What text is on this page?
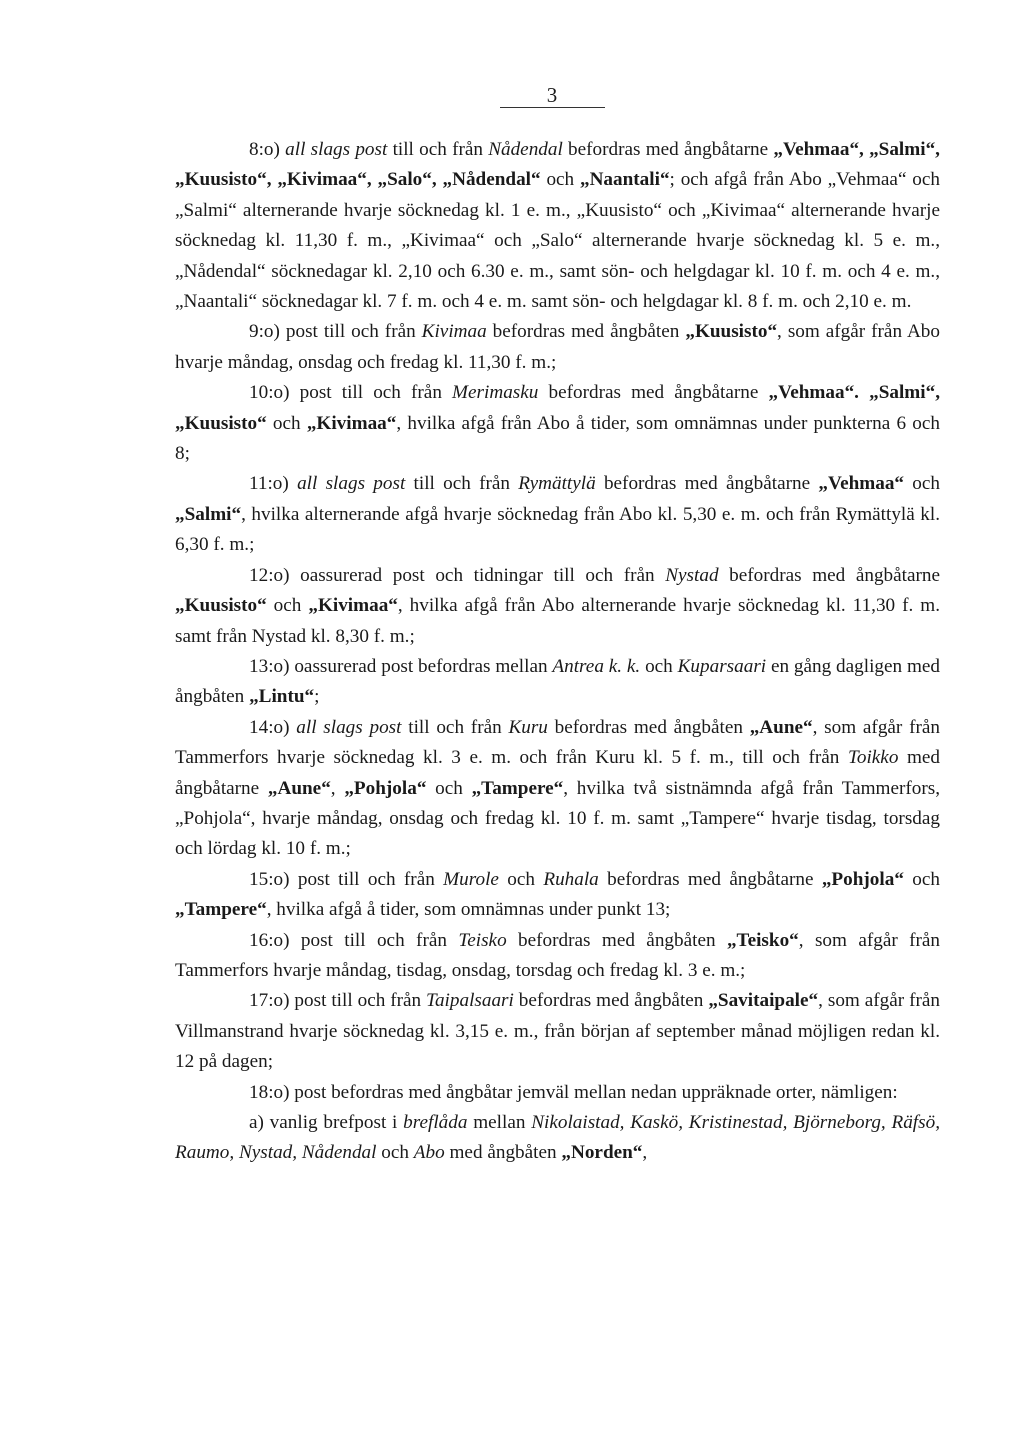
3

8:o) all slags post till och från Nådendal befordras med ångbåtarne „Vehmaa“, „Salmi“, „Kuusisto“, „Kivimaa“, „Salo“, „Nådendal“ och „Naantali“; och afgå från Abo „Vehmaa“ och „Salmi“ alternerande hvarje söcknedag kl. 1 e. m., „Kuusisto“ och „Kivimaa“ alternerande hvarje söcknedag kl. 11,30 f. m., „Kivimaa“ och „Salo“ alternerande hvarje söcknedag kl. 5 e. m., „Nådendal“ söcknedagar kl. 2,10 och 6.30 e. m., samt sön- och helgdagar kl. 10 f. m. och 4 e. m., „Naantali“ söcknedagar kl. 7 f. m. och 4 e. m. samt sön- och helgdagar kl. 8 f. m. och 2,10 e. m.

9:o) post till och från Kivimaa befordras med ångbåten „Kuusisto“, som afgår från Abo hvarje måndag, onsdag och fredag kl. 11,30 f. m.;

10:o) post till och från Merimasku befordras med ångbåtarne „Vehmaa“. „Salmi“, „Kuusisto“ och „Kivimaa“, hvilka afgå från Abo å tider, som omnämnas under punkterna 6 och 8;

11:o) all slags post till och från Rymättylä befordras med ångbåtarne „Vehmaa“ och „Salmi“, hvilka alternerande afgå hvarje söcknedag från Abo kl. 5,30 e. m. och från Rymättylä kl. 6,30 f. m.;

12:o) oassurerad post och tidningar till och från Nystad befordras med ångbåtarne „Kuusisto“ och „Kivimaa“, hvilka afgå från Abo alternerande hvarje söcknedag kl. 11,30 f. m. samt från Nystad kl. 8,30 f. m.;

13:o) oassurerad post befordras mellan Antrea k. k. och Kuparsaari en gång dagligen med ångbåten „Lintu“;

14:o) all slags post till och från Kuru befordras med ångbåten „Aune“, som afgår från Tammerfors hvarje söcknedag kl. 3 e. m. och från Kuru kl. 5 f. m., till och från Toikko med ångbåtarne „Aune“, „Pohjola“ och „Tampere“, hvilka två sistnämnda afgå från Tammerfors, „Pohjola“, hvarje måndag, onsdag och fredag kl. 10 f. m. samt „Tampere“ hvarje tisdag, torsdag och lördag kl. 10 f. m.;

15:o) post till och från Murole och Ruhala befordras med ångbåtarne „Pohjola“ och „Tampere“, hvilka afgå å tider, som omnämnas under punkt 13;

16:o) post till och från Teisko befordras med ångbåten „Teisko“, som afgår från Tammerfors hvarje måndag, tisdag, onsdag, torsdag och fredag kl. 3 e. m.;

17:o) post till och från Taipalsaari befordras med ångbåten „Savitaipale“, som afgår från Villmanstrand hvarje söcknedag kl. 3,15 e. m., från början af september månad möjligen redan kl. 12 på dagen;

18:o) post befordras med ångbåtar jemväl mellan nedan uppräknade orter, nämligen:

a) vanlig brefpost i breflåda mellan Nikolaistad, Kaskö, Kristinestad, Björneborg, Räfsö, Raumo, Nystad, Nådendal och Abo med ångbåten „Norden“,
